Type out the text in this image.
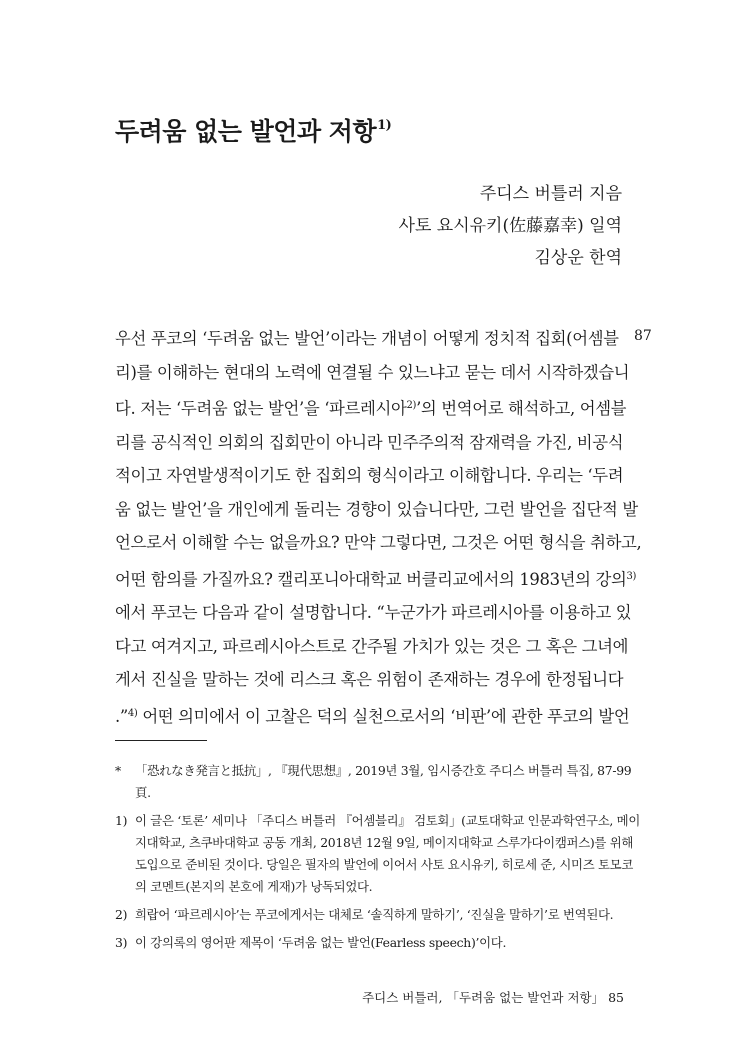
두려움 없는 발언과 저항$^{1)}$
주디스 버틀러 지음
사토 요시유키(佐藤嘉幸) 일역
김상운 한역
87
우선 푸코의 ‘두려움 없는 발언’이라는 개념이 어떻게 정치적 집회(어셈블
리)를 이해하는 현대의 노력에 연결될 수 있느냐고 묻는 데서 시작하겠습니
다. 저는 ‘두려움 없는 발언’을 ‘파르레시아$^{2)}$’의 번역어로 해석하고, 어셈블
리를 공식적인 의회의 집회만이 아니라 민주주의적 잠재력을 가진, 비공식
적이고 자연발생적이기도 한 집회의 형식이라고 이해합니다. 우리는 ‘두려
움 없는 발언’을 개인에게 돌리는 경향이 있습니다만, 그런 발언을 집단적 발
언으로서 이해할 수는 없을까요? 만약 그렇다면, 그것은 어떤 형식을 취하고,
어떤 함의를 가질까요? 캘리포니아대학교 버클리교에서의 1983년의 강의$^{3)}$
에서 푸코는 다음과 같이 설명합니다. “누군가가 파르레시아를 이용하고 있
다고 여겨지고, 파르레시아스트로 간주될 가치가 있는 것은 그 혹은 그녀에
게서 진실을 말하는 것에 리스크 혹은 위험이 존재하는 경우에 한정됩니다
.”$^{4)}$ 어떤 의미에서 이 고찰은 덕의 실천으로서의 ‘비판’에 관한 푸코의 발언
*	「恐れなき発言と抵抗」, 『現代思想』, 2019년 3월, 임시증간호 주디스 버틀러 특집, 87-99頁.
1) 이 글은 ‘토론’ 세미나 「주디스 버틀러 『어셈블리』 검토회」(교토대학교 인문과학연구소, 메이지대학교, 츠쿠바대학교 공동 개최, 2018년 12월 9일, 메이지대학교 스루가다이캠퍼스)를 위해 도입으로 준비된 것이다. 당일은 필자의 발언에 이어서 사토 요시유키, 히로세 준, 시미즈 토모코의 코멘트(본지의 본호에 게재)가 낭독되었다.
2) 희랍어 ‘파르레시아’는 푸코에게서는 대체로 ‘솔직하게 말하기’, ‘진실을 말하기’로 번역된다.
3) 이 강의록의 영어판 제목이 ‘두려움 없는 발언(Fearless speech)’이다.
주디스 버틀러, 「두려움 없는 발언과 저항」 85
